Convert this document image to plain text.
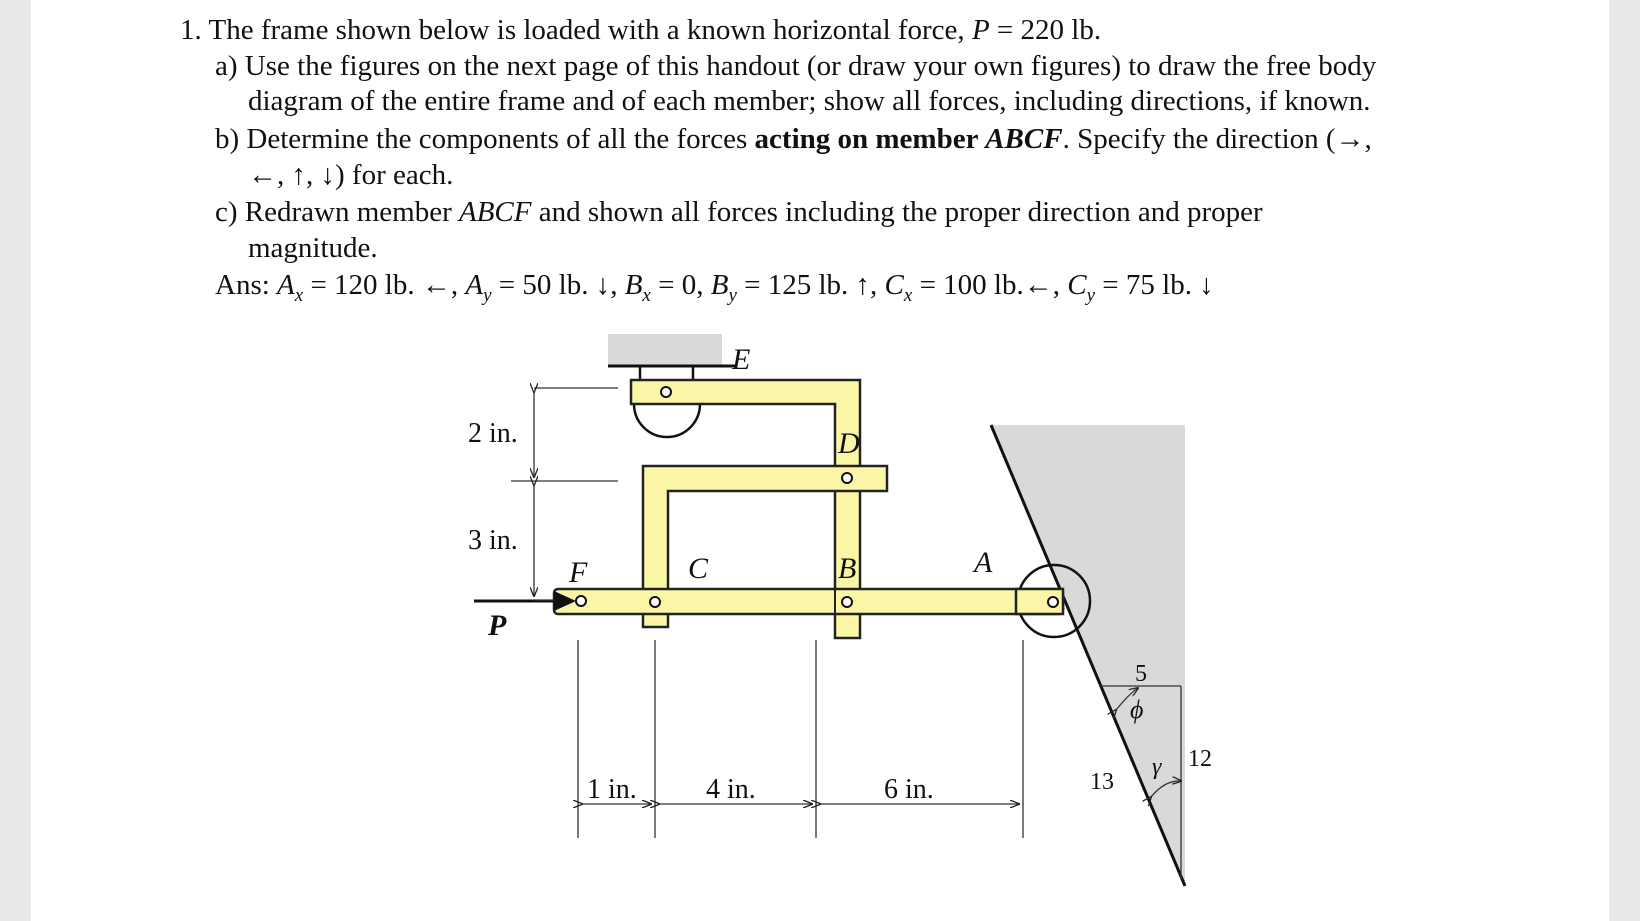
1. The frame shown below is loaded with a known horizontal force, P = 220 lb.

a) Use the figures on the next page of this handout (or draw your own figures) to draw the free body

diagram of the entire frame and of each member; show all forces, including directions, if known.

b) Determine the components of all the forces acting on member ABCF. Specify the direction (→,

←, ↑, ↓) for each.

c) Redrawn member ABCF and shown all forces including the proper direction and proper

magnitude.

Ans: $A_x = 120$ lb. ←, $A_y = 50$ lb. ↓, $B_x = 0$, $B_y = 125$ lb. ↑, $C_x = 100$ lb.←, $C_y = 75$ lb. ↓

E
D
C	B	A
F
P
2 in.
3 in.
1 in. 4 in.	6 in.
5
12
13
ϕ
γ
